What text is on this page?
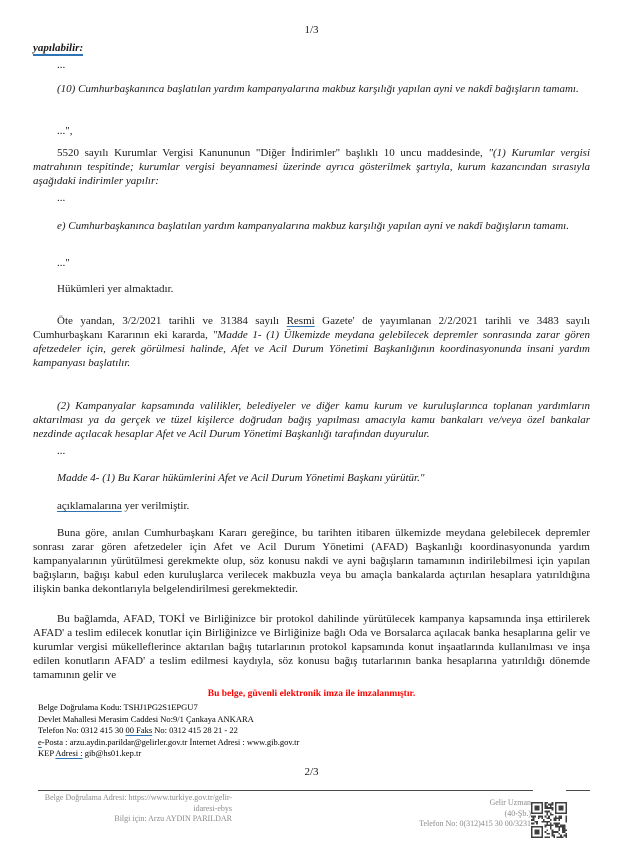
1/3
yapılabilir:
...
(10) Cumhurbaşkanınca başlatılan yardım kampanyalarına makbuz karşılığı yapılan ayni ve nakdî bağışların tamamı.
...",
5520 sayılı Kurumlar Vergisi Kanununun "Diğer İndirimler" başlıklı 10 uncu maddesinde, "(1) Kurumlar vergisi matrahının tespitinde; kurumlar vergisi beyannamesi üzerinde ayrıca gösterilmek şartıyla, kurum kazancından sırasıyla aşağıdaki indirimler yapılır:
...
e) Cumhurbaşkanınca başlatılan yardım kampanyalarına makbuz karşılığı yapılan ayni ve nakdî bağışların tamamı.
..."
Hükümleri yer almaktadır.
Öte yandan, 3/2/2021 tarihli ve 31384 sayılı Resmi Gazete' de yayımlanan 2/2/2021 tarihli ve 3483 sayılı Cumhurbaşkanı Kararının eki kararda, "Madde 1- (1) Ülkemizde meydana gelebilecek depremler sonrasında zarar gören afetzedeler için, gerek görülmesi halinde, Afet ve Acil Durum Yönetimi Başkanlığının koordinasyonunda insani yardım kampanyası başlatılır.
(2) Kampanyalar kapsamında valilikler, belediyeler ve diğer kamu kurum ve kuruluşlarınca toplanan yardımların aktarılması ya da gerçek ve tüzel kişilerce doğrudan bağış yapılması amacıyla kamu bankaları ve/veya özel bankalar nezdinde açılacak hesaplar Afet ve Acil Durum Yönetimi Başkanlığı tarafından duyurulur.
...
Madde 4- (1) Bu Karar hükümlerini Afet ve Acil Durum Yönetimi Başkanı yürütür."
açıklamalarına yer verilmiştir.
Buna göre, anılan Cumhurbaşkanı Kararı gereğince, bu tarihten itibaren ülkemizde meydana gelebilecek depremler sonrası zarar gören afetzedeler için Afet ve Acil Durum Yönetimi (AFAD) Başkanlığı koordinasyonunda yardım kampanyalarının yürütülmesi gerekmekte olup, söz konusu nakdi ve ayni bağışların tamamının indirilebilmesi için yapılan bağışların, bağışı kabul eden kuruluşlarca verilecek makbuzla veya bu amaçla bankalarda açtırılan hesaplara yatırıldığına ilişkin banka dekontlarıyla belgelendirilmesi gerekmektedir.
Bu bağlamda, AFAD, TOKİ ve Birliğinizce bir protokol dahilinde yürütülecek kampanya kapsamında inşa ettirilerek AFAD' a teslim edilecek konutlar için Birliğinizce ve Birliğinize bağlı Oda ve Borsalarca açılacak banka hesaplarına gelir ve kurumlar vergisi mükelleflerince aktarılan bağış tutarlarının protokol kapsamında konut inşaatlarında kullanılması ve inşa edilen konutların AFAD' a teslim edilmesi kaydıyla, söz konusu bağış tutarlarının banka hesaplarına yatırıldığı dönemde tamamının gelir ve
Bu belge, güvenli elektronik imza ile imzalanmıştır.
Belge Doğrulama Kodu: TSHJ1PG2S1EPGU7
Devlet Mahallesi Merasim Caddesi No:9/1 Çankaya ANKARA
Telefon No: 0312 415 30 00 Faks No: 0312 415 28 21 - 22
e-Posta : arzu.aydin.parildar@gelirler.gov.tr İnternet Adresi : www.gib.gov.tr
KEP Adresi : gib@hs01.kep.tr
2/3
Belge Doğrulama Adresi: https://www.turkiye.gov.tr/gelir-
idaresi-ebys
Bilgi için: Arzu AYDIN PARILDAR
Gelir Uzman
(40-Şb.)
Telefon No: 0(312)415 30 00/3231
